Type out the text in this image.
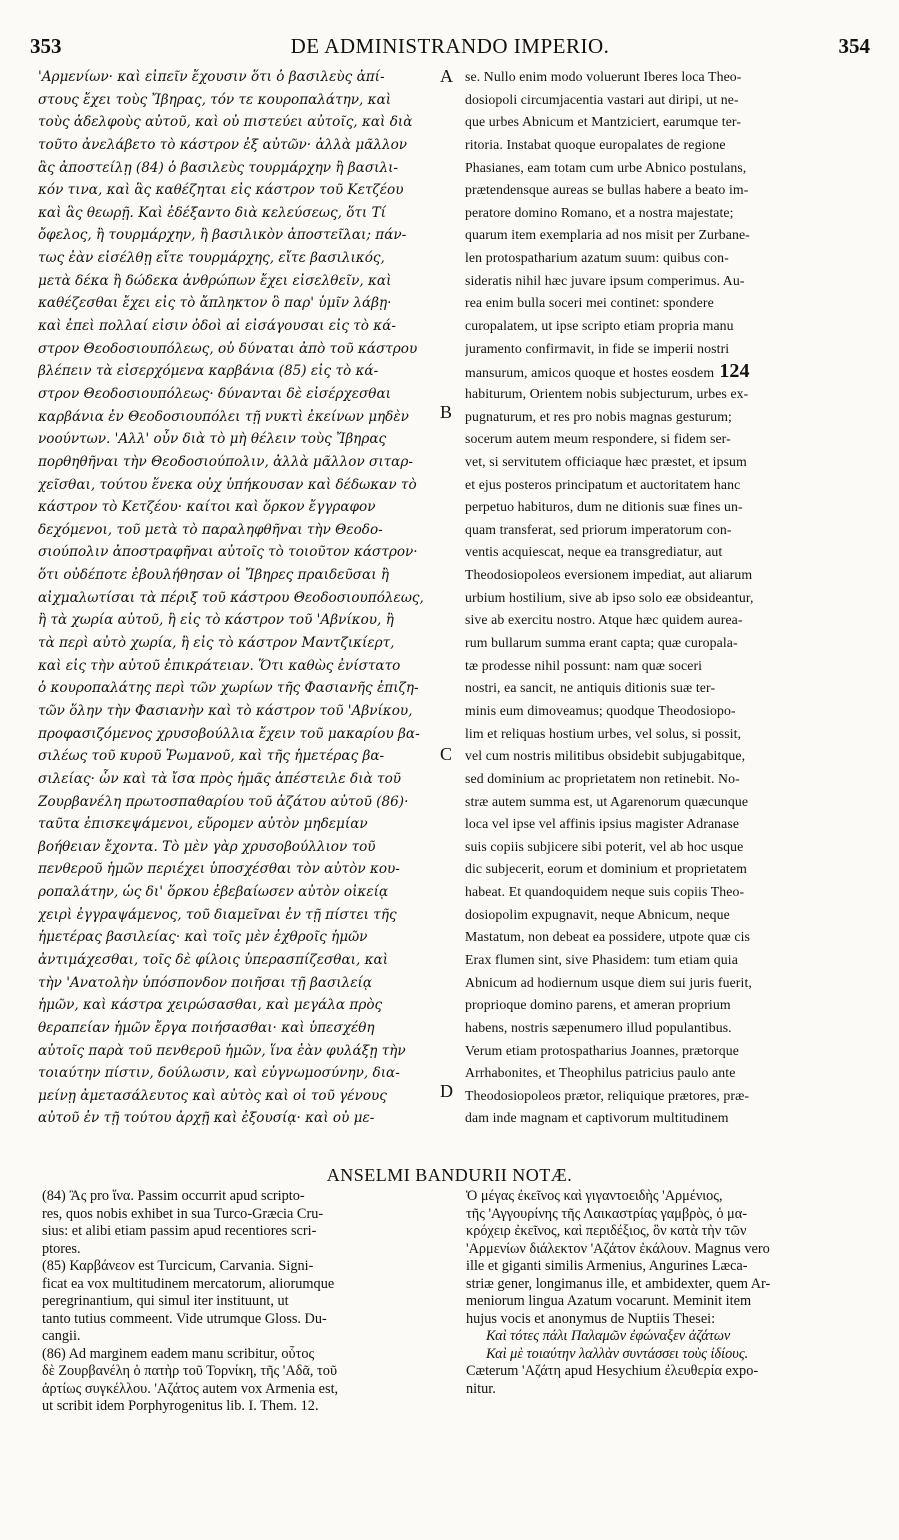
353	DE ADMINISTRANDO IMPERIO.	354
'Αρμενίων· καὶ εἰπεῖν ἔχουσιν ὅτι ὁ βασιλεὺς ἀπί-
στους ἔχει τοὺς Ἴβηρας, τόν τε κουροπαλάτην, καὶ
τοὺς ἀδελφοὺς αὐτοῦ, καὶ οὐ πιστεύει αὐτοῖς, καὶ διὰ
τοῦτο ἀνελάβετο τὸ κάστρον ἐξ αὐτῶν· ἀλλὰ μᾶλλον
ἃς ἀποστείλῃ (84) ὁ βασιλεὺς τουρμάρχην ἢ βασιλι-
κόν τινα, καὶ ἃς καθέζηται εἰς κάστρον τοῦ Κετζέου
καὶ ἃς θεωρῇ. Καὶ ἐδέξαντο διὰ κελεύσεως, ὅτι Τί
ὄφελος, ἢ τουρμάρχην, ἢ βασιλικὸν ἀποστεῖλαι; πάν-
τως ἐὰν εἰσέλθῃ εἴτε τουρμάρχης, εἴτε βασιλικός,
μετὰ δέκα ἢ δώδεκα ἀνθρώπων ἔχει εἰσελθεῖν, καὶ
καθέζεσθαι ἔχει εἰς τὸ ἄπληκτον ὃ παρ' ὑμῖν λάβῃ·
καὶ ἐπεὶ πολλαί εἰσιν ὁδοὶ αἱ εἰσάγουσαι εἰς τὸ κά-
στρον Θεοδοσιουπόλεως, οὐ δύναται ἀπὸ τοῦ κάστρου
βλέπειν τὰ εἰσερχόμενα καρβάνια (85) εἰς τὸ κά-
στρον Θεοδοσιουπόλεως· δύνανται δὲ εἰσέρχεσθαι
καρβάνια ἐν Θεοδοσιουπόλει τῇ νυκτὶ ἐκείνων μηδὲν
νοούντων. 'Αλλ' οὖν διὰ τὸ μὴ θέλειν τοὺς Ἴβηρας
πορθηθῆναι τὴν Θεοδοσιούπολιν, ἀλλὰ μᾶλλον σιταρ-
χεῖσθαι, τούτου ἕνεκα οὐχ ὑπήκουσαν καὶ δέδωκαν τὸ
κάστρον τὸ Κετζέου· καίτοι καὶ ὅρκον ἔγγραφον
δεχόμενοι, τοῦ μετὰ τὸ παραληφθῆναι τὴν Θεοδο-
σιούπολιν ἀποστραφῆναι αὐτοῖς τὸ τοιοῦτον κάστρον·
ὅτι οὐδέποτε ἐβουλήθησαν οἱ Ἴβηρες πραιδεῦσαι ἢ
αἰχμαλωτίσαι τὰ πέριξ τοῦ κάστρου Θεοδοσιουπόλεως,
ἢ τὰ χωρία αὐτοῦ, ἢ εἰς τὸ κάστρον τοῦ 'Αβνίκου, ἢ
τὰ περὶ αὐτὸ χωρία, ἢ εἰς τὸ κάστρον Μαντζικίερτ,
καὶ εἰς τὴν αὐτοῦ ἐπικράτειαν. Ὅτι καθὼς ἐνίστατο
ὁ κουροπαλάτης περὶ τῶν χωρίων τῆς Φασιανῆς ἐπιζη-
τῶν ὅλην τὴν Φασιανὴν καὶ τὸ κάστρον τοῦ 'Αβνίκου,
προφασιζόμενος χρυσοβούλλια ἔχειν τοῦ μακαρίου βα-
σιλέως τοῦ κυροῦ Ῥωμανοῦ, καὶ τῆς ἡμετέρας βα-
σιλείας· ὧν καὶ τὰ ἴσα πρὸς ἡμᾶς ἀπέστειλε διὰ τοῦ
Ζουρβανέλη πρωτοσπαθαρίου τοῦ ἀζάτου αὐτοῦ (86)·
ταῦτα ἐπισκεψάμενοι, εὕρομεν αὐτὸν μηδεμίαν
βοήθειαν ἔχοντα. Τὸ μὲν γὰρ χρυσοβούλλιον τοῦ
πενθεροῦ ἡμῶν περιέχει ὑποσχέσθαι τὸν αὐτὸν κου-
ροπαλάτην, ὡς δι' ὅρκου ἐβεβαίωσεν αὐτὸν οἰκείᾳ
χειρὶ ἐγγραψάμενος, τοῦ διαμεῖναι ἐν τῇ πίστει τῆς
ἡμετέρας βασιλείας· καὶ τοῖς μὲν ἐχθροῖς ἡμῶν
ἀντιμάχεσθαι, τοῖς δὲ φίλοις ὑπερασπίζεσθαι, καὶ
τὴν 'Ανατολὴν ὑπόσπονδον ποιῆσαι τῇ βασιλείᾳ
ἡμῶν, καὶ κάστρα χειρώσασθαι, καὶ μεγάλα πρὸς
θεραπείαν ἡμῶν ἔργα ποιήσασθαι· καὶ ὑπεσχέθη
αὐτοῖς παρὰ τοῦ πενθεροῦ ἡμῶν, ἵνα ἐὰν φυλάξῃ τὴν
τοιαύτην πίστιν, δούλωσιν, καὶ εὐγνωμοσύνην, δια-
μείνῃ ἀμετασάλευτος καὶ αὐτὸς καὶ οἱ τοῦ γένους
αὐτοῦ ἐν τῇ τούτου ἀρχῇ καὶ ἐξουσίᾳ· καὶ οὐ με-
se. Nullo enim modo voluerunt Iberes loca Theo-
dosiopoli circumjacentia vastari aut diripi, ut ne-
que urbes Abnicum et Mantziciert, earumque ter-
ritoria. Instabat quoque europalates de regione
Phasianes, eam totam cum urbe Abnico postulans,
prætendensque aureas se bullas habere a beato im-
peratore domino Romano, et a nostra majestate;
quarum item exemplaria ad nos misit per Zurbane-
len protospatharium azatum suum: quibus con-
sideratis nihil hæc juvare ipsum comperimus. Au-
rea enim bulla soceri mei continet: spondere
curopalatem, ut ipse scripto etiam propria manu
juramento confirmavit, in fide se imperii nostri
mansurum, amicos quoque et hostes eosdem 124
habiturum, Orientem nobis subjecturum, urbes ex-
pugnaturum, et res pro nobis magnas gesturum;
socerum autem meum respondere, si fidem ser-
vet, si servitutem officiaque hæc præstet, et ipsum
et ejus posteros principatum et auctoritatem hanc
perpetuo habituros, dum ne ditionis suæ fines un-
quam transferat, sed priorum imperatorum con-
ventis acquiescat, neque ea transgrediatur, aut
Theodosiopoleos eversionem impediat, aut aliarum
urbium hostilium, sive ab ipso solo eæ obsideantur,
sive ab exercitu nostro. Atque hæc quidem aurea-
rum bullarum summa erant capta; quæ curopala-
tæ prodesse nihil possunt: nam quæ soceri
nostri, ea sancit, ne antiquis ditionis suæ ter-
minis eum dimoveamus; quodque Theodosiopo-
lim et reliquas hostium urbes, vel solus, si possit,
vel cum nostris militibus obsidebit subjugabitque,
sed dominium ac proprietatem non retinebit. No-
stræ autem summa est, ut Agarenorum quæcunque
loca vel ipse vel affinis ipsius magister Adranase
suis copiis subjicere sibi poterit, vel ab hoc usque
dic subjecerit, eorum et dominium et proprietatem
habeat. Et quandoquidem neque suis copiis Theo-
dosiopolim expugnavit, neque Abnicum, neque
Mastatum, non debeat ea possidere, utpote quæ cis
Erax flumen sint, sive Phasidem: tum etiam quia
Abnicum ad hodiernum usque diem sui juris fuerit,
proprioque domino parens, et ameran proprium
habens, nostris sæpenumero illud populantibus.
Verum etiam protospatharius Joannes, prætorque
Arrhabonites, et Theophilus patricius paulo ante
Theodosiopoleos prætor, reliquique prætores, præ-
dam inde magnam et captivorum multitudinem
A
B
C
D
ANSELMI BANDURII NOTÆ.
(84) Ἂς pro ἵνα. Passim occurrit apud scripto-
res, quos nobis exhibet in sua Turco-Græcia Cru-
sius: et alibi etiam passim apud recentiores scri-
ptores.
(85) Καρβάνεον est Turcicum, Carvania. Signi-
ficat ea vox multitudinem mercatorum, aliorumque
peregrinantium, qui simul iter instituunt, ut
tanto tutius commeent. Vide utrumque Gloss. Du-
cangii.
(86) Ad marginem eadem manu scribitur, οὗτος
δὲ Ζουρβανέλη ὁ πατὴρ τοῦ Τορνίκη, τῆς 'Αδᾶ, τοῦ
ἀρτίως συγκέλλου. 'Αζάτος autem vox Armenia est,
ut scribit idem Porphyrogenitus lib. I. Them. 12.
Ὁ μέγας ἐκεῖνος καὶ γιγαντοειδὴς 'Αρμένιος,
τῆς 'Αγγουρίνης τῆς Λαικαστρίας γαμβρὸς, ὁ μα-
κρόχειρ ἐκεῖνος, καὶ περιδέξιος, ὃν κατὰ τὴν τῶν
'Αρμενίων διάλεκτον 'Αζάτον ἐκάλουν. Magnus vero
ille et giganti similis Armenius, Angurines Læca-
striæ gener, longimanus ille, et ambidexter, quem Ar-
meniorum lingua Azatum vocarunt. Meminit item
hujus vocis et anonymus de Nuptiis Thesei:
Καὶ τότες πάλι Παλαμῶν ἐφώναξεν ἀζάτων
Καὶ μὲ τοιαύτην λαλλὰν συντάσσει τοὺς ἰδίους.
Cæterum 'Αζάτη apud Hesychium ἐλευθερία expo-
nitur.
